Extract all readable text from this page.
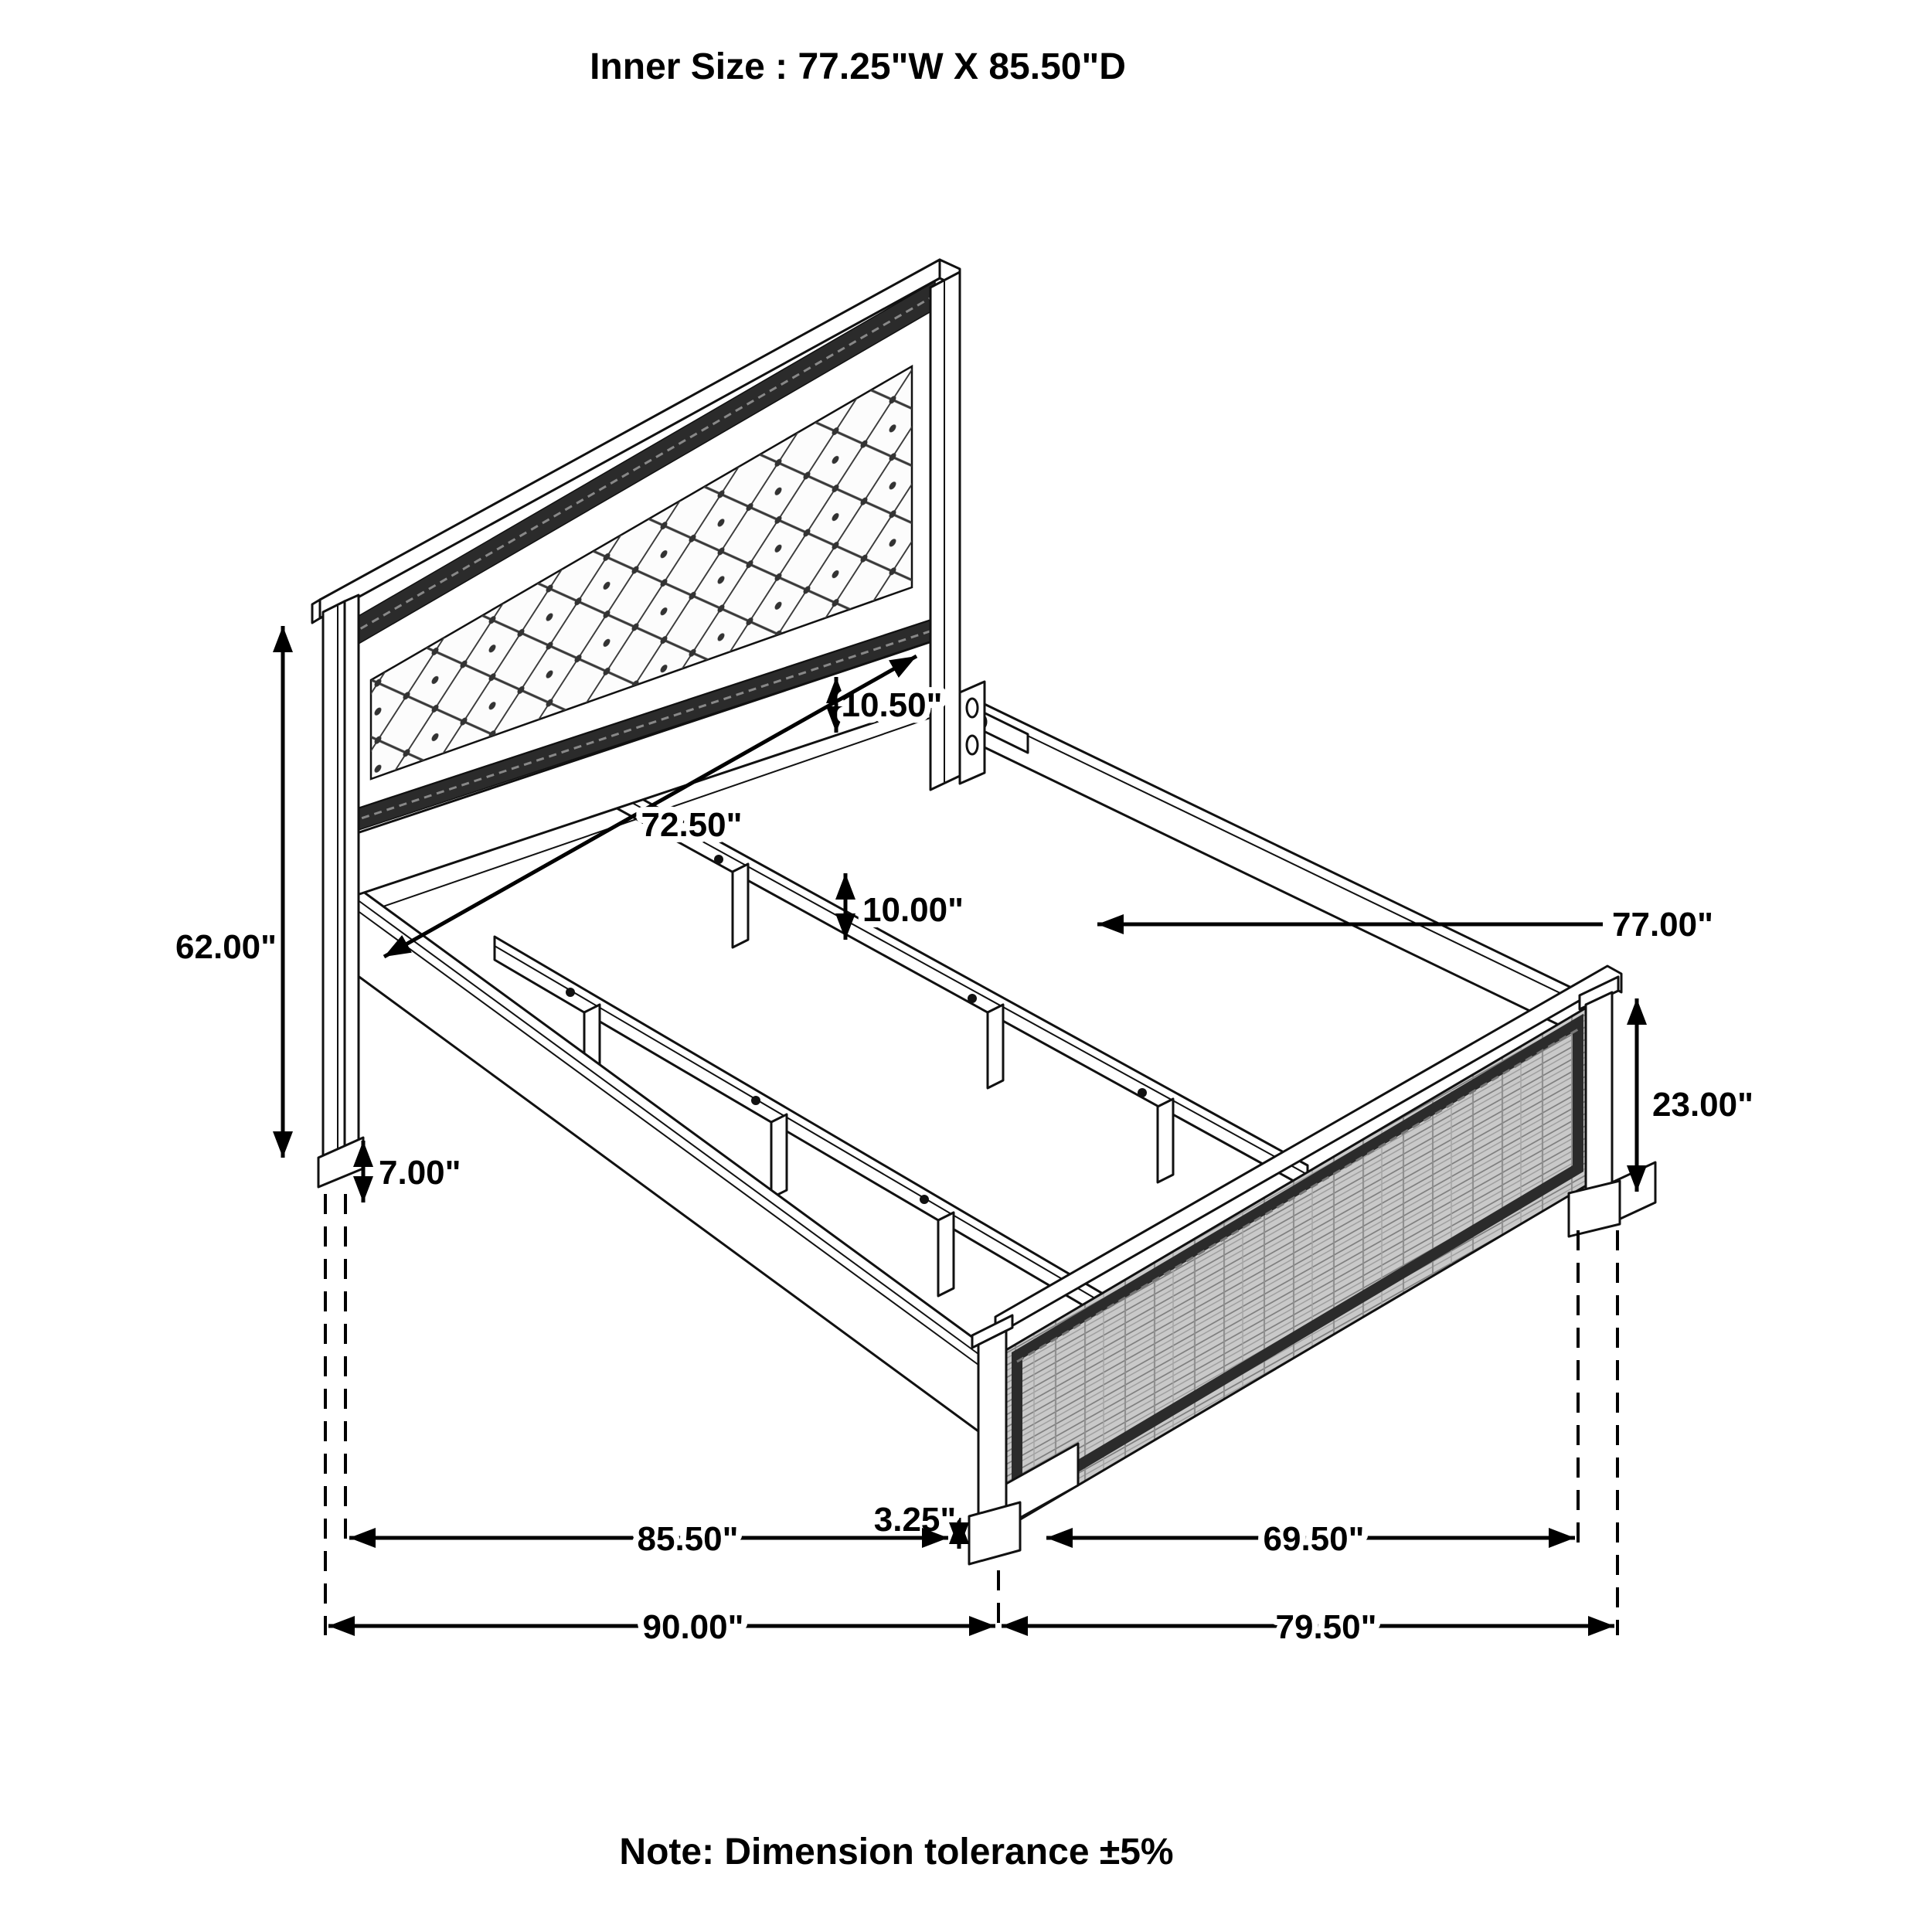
Inner Size : 77.25"W X 85.50"D
62.00"
7.00"
10.50"
72.50"
10.00"	77.00"
23.00"
3.25"
85.50"	69.50"
90.00"	79.50"
Note: Dimension tolerance ±5%
